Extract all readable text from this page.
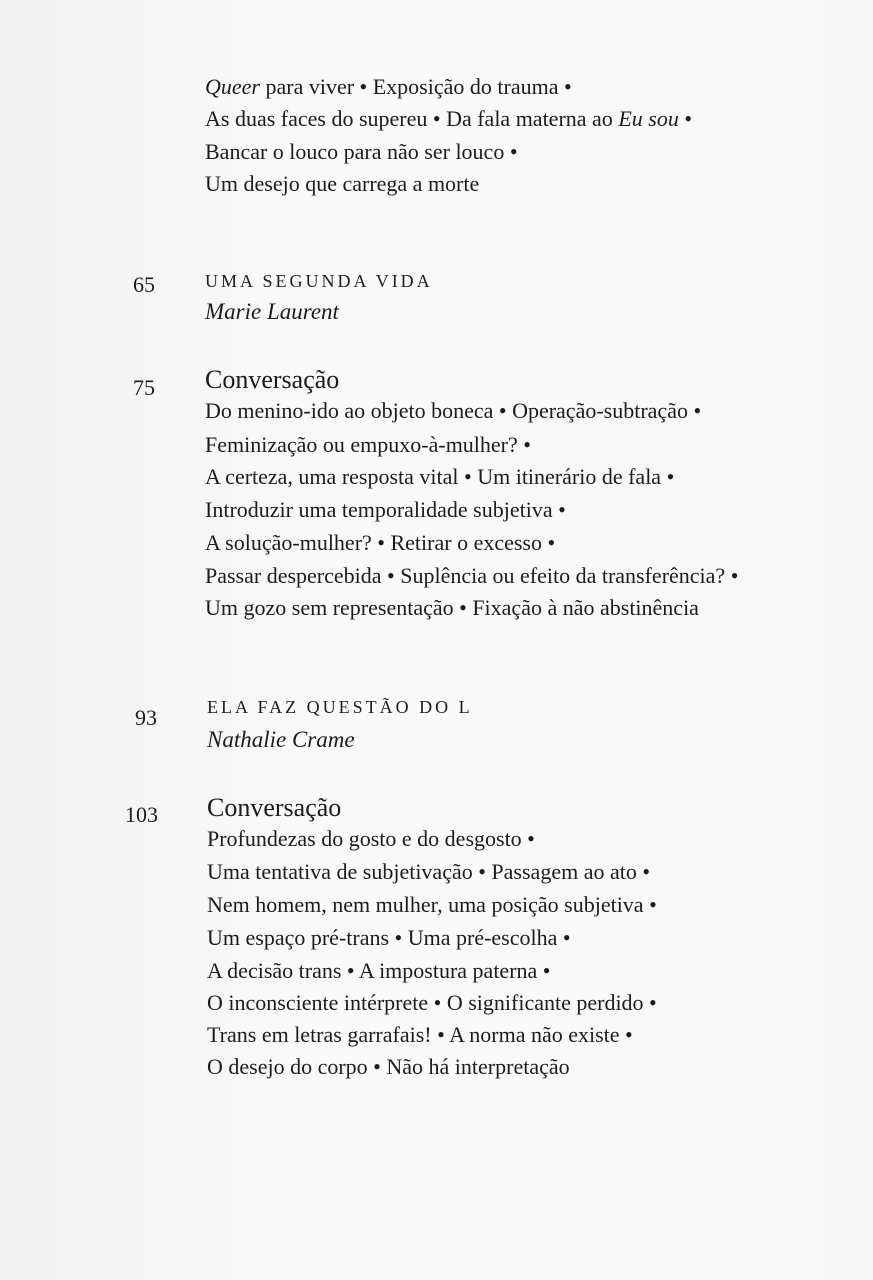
Queer para viver • Exposição do trauma •
As duas faces do supereu • Da fala materna ao Eu sou •
Bancar o louco para não ser louco •
Um desejo que carrega a morte
65	UMA SEGUNDA VIDA
Marie Laurent
75 Conversação
Do menino-ido ao objeto boneca • Operação-subtração •
Feminização ou empuxo-à-mulher? •
A certeza, uma resposta vital • Um itinerário de fala •
Introduzir uma temporalidade subjetiva •
A solução-mulher? • Retirar o excesso •
Passar despercebida • Suplência ou efeito da transferência? •
Um gozo sem representação • Fixação à não abstinência
93	ELA FAZ QUESTÃO DO L
Nathalie Crame
103 Conversação
Profundezas do gosto e do desgosto •
Uma tentativa de subjetivação • Passagem ao ato •
Nem homem, nem mulher, uma posição subjetiva •
Um espaço pré-trans • Uma pré-escolha •
A decisão trans • A impostura paterna •
O inconsciente intérprete • O significante perdido •
Trans em letras garrafais! • A norma não existe •
O desejo do corpo • Não há interpretação
